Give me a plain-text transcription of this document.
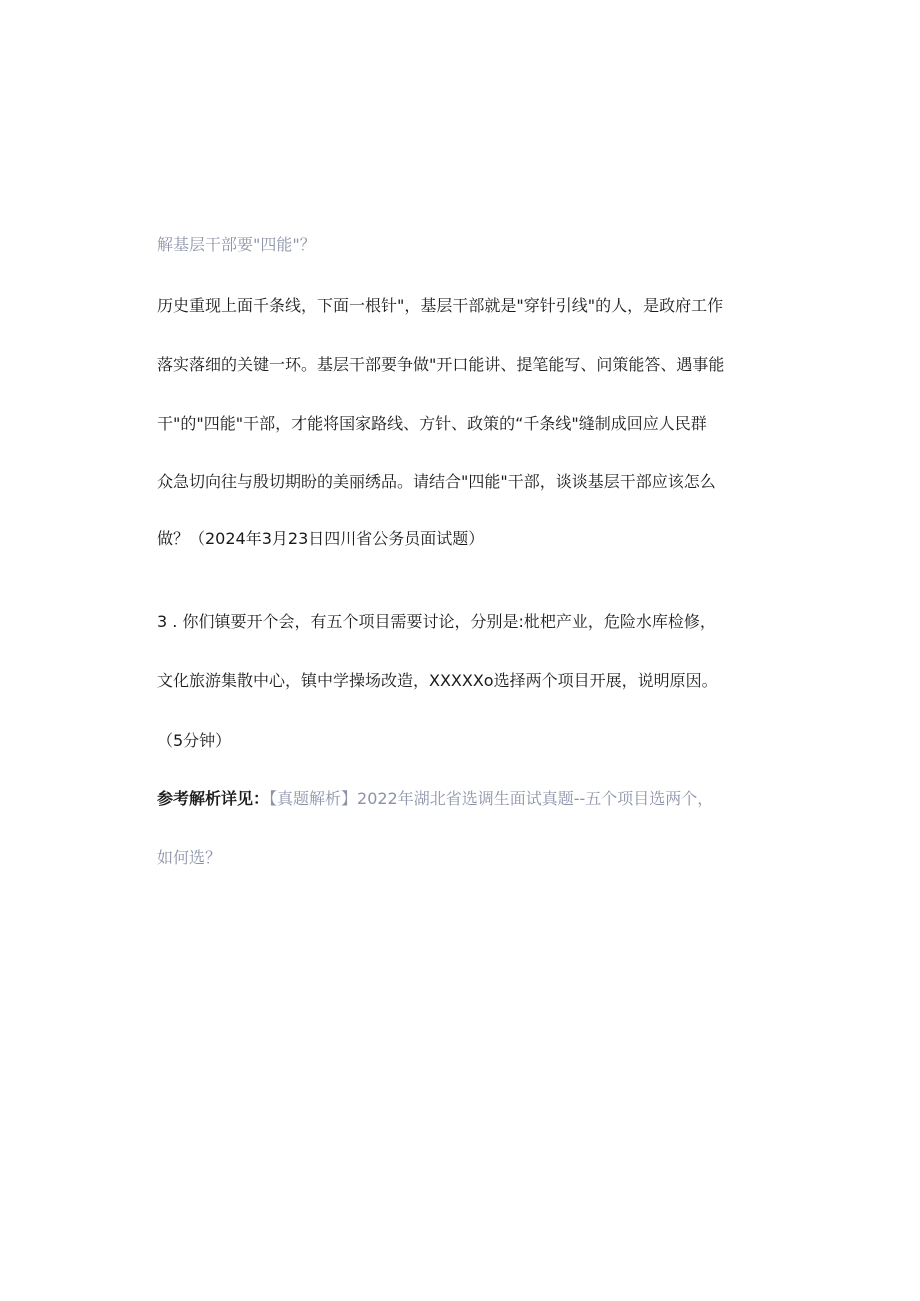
解基层干部要"四能"？
历史重现上面千条线，下面一根针"，基层干部就是"穿针引线"的人，是政府工作
落实落细的关键一环。基层干部要争做"开口能讲、提笔能写、问策能答、遇事能
干"的"四能"干部，才能将国家路线、方针、政策的“千条线"缝制成回应人民群
众急切向往与殷切期盼的美丽绣品。请结合"四能"干部，谈谈基层干部应该怎么
做？（2024年3月23日四川省公务员面试题）
3 . 你们镇要开个会，有五个项目需要讨论，分别是:枇杷产业，危险水库检修，
文化旅游集散中心，镇中学操场改造，XXXXXo选择两个项目开展，说明原因。
（5分钟）
参考解析详见：【真题解析】2022年湖北省选调生面试真题--五个项目选两个，
如何选？
